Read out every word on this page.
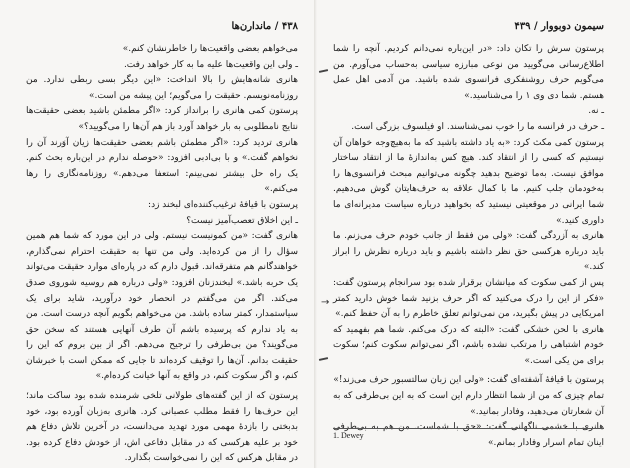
۴۳۸ / ماندارن‌ها

می‌خواهم بعضی واقعیت‌ها را خاطرنشان کنم.»

ـ ولی این واقعیت‌ها علیه ما به کار خواهد رفت.

هانری شانه‌هایش را بالا انداخت: «این دیگر بسی ربطی ندارد. من روزنامه‌نویسم. حقیقت را می‌گویم؛ این پیشه من است.»

پرستون کمی هانری را برانداز کرد: «اگر مطمئن باشید بعضی حقیقت‌ها نتایج نامطلوبی به بار خواهد آورد باز هم آن‌ها را می‌گویید؟»

هانری تردید کرد: «اگر مطمئن باشم بعضی حقیقت‌ها زیان آوَرند آن را نخواهم گفت.» و با بی‌ادبی افزود: «حوصله ندارم در این‌باره بحث کنم. یک راه حل بیشتر نمی‌بینم: استعفا می‌دهم.» روزنامه‌نگاری را رها می‌کنم.»

پرستون با قیافهٔ ترغیب‌کننده‌ای لبخند زد:

ـ این اخلاق تعصب‌آمیز نیست؟

هانری گفت: «من کمونیست نیستم. ولی در این مورد که شما هم همین سؤال را از من کرده‌اید. ولی من تنها به حقیقت احترام نمی‌گذارم، خواهندگانم هم متفرقه‌اند. قبول دارم که در پاره‌ای موارد حقیقت می‌تواند یک حربه باشد.» لبخندزنان افزود: «ولی درباره هم روسیه شوروی صدق می‌کند. اگر من می‌گفتم در انحصار خود درآورید، شاید برای یک سیاستمدار، کمتر ساده باشد. من می‌خواهم بگویم آنچه درست است. من به یاد ندارم که پرسیده باشم آن طرف آنهایی هستند که سخن حق می‌گویند؟ من بی‌طرفی را ترجیح می‌دهم. اگر از بین بروم که این را حقیقت بدانم. آن‌ها را توقیف کرده‌اند تا جایی که ممکن است با خبرشان کنم، و اگر سکوت کنم، در واقع به آنها خیانت کرده‌ام.»

پرستون که از این گفته‌های طولانی تلخی شرمنده شده بود ساکت ماند؛ این حرف‌ها را فقط مطلب عصبانی کرد. هانری به‌زبان آورده بود، خود بدبختی را بازدهٔ مهمی مورد تهدید می‌دانست، در آخرین تلاش دفاع هم خود بر علیه هرکسی که در مقابل دفاعی اش، از خودش دفاع کرده بود. در مقابل هرکس که این را نمی‌خواست بگذارد.

سیمون دوبووار / ۴۳۹

پرستون سرش را تکان داد: «در این‌باره نمی‌دانم کردیم. آنچه را شما اطلاع‌رسانی می‌گویید من نوعی مبارزه سیاسی به‌حساب می‌آورم. من می‌گویم حرف روشنفکری فرانسوی شده باشید. من آدمی اهل عمل هستم. شما دی وی ۱ را می‌شناسید.»

ـ نه.

ـ حرف در فرانسه ما را خوب نمی‌شناسند. او فیلسوف بزرگی است.

پرستون کمی مکث کرد: «به یاد داشته باشید که ما به‌هیچ‌وجه خواهان آن نیستیم که کسی را از انتقاد کند. هیچ کس به‌اندازهٔ ما از انتقاد ساختار موافق نیست. به‌ما توضیح بدهید چگونه می‌توانیم مبحث فرانسوی‌ها را به‌خودمان جلب کنیم. ما با کمال علاقه به حرف‌هایتان گوش می‌دهیم. شما ایرانی در موقعیتی نیستید که بخواهید درباره سیاست مدیرانه‌ای ما داوری کنید.»

هانری به آزردگی گفت: «ولی من فقط از جانب خودم حرف می‌زنم. ما باید درباره هرکسی حق نظر داشته باشیم و باید درباره نظرش را ابراز کند.»

پس از کمی سکوت که میانشان برقرار شده بود سرانجام پرستون گفت: «فکر از این را درک می‌کنید که اگر حرف بزنید شما خوش دارید کمتر امریکایی در پیش بگیرید، من نمی‌توانم تعلق خاطرم را به آن حفظ کنم.»

هانری با لحن خشکی گفت: «البته که درک می‌کنم. شما هم بفهمید که خودم اشتباهی را مرتکب نشده باشم، اگر نمی‌توانم سکوت کنم؛ سکوت برای من یکی است.»

پرستون با قیافهٔ آشفته‌ای گفت: «ولی این زبان سالتسبور حرف می‌زند!»

تمام چیزی که من از شما انتظار دارم این است که به این بی‌طرفی که به آن شعارتان می‌دهید، وفادار بمانید.»

هانری با خشمی ناگهانی گفت: «حق با شماست. من هم به بی‌طرفی اینان تمام اسرار وفادار بمانم.»

→
1. Dewey
